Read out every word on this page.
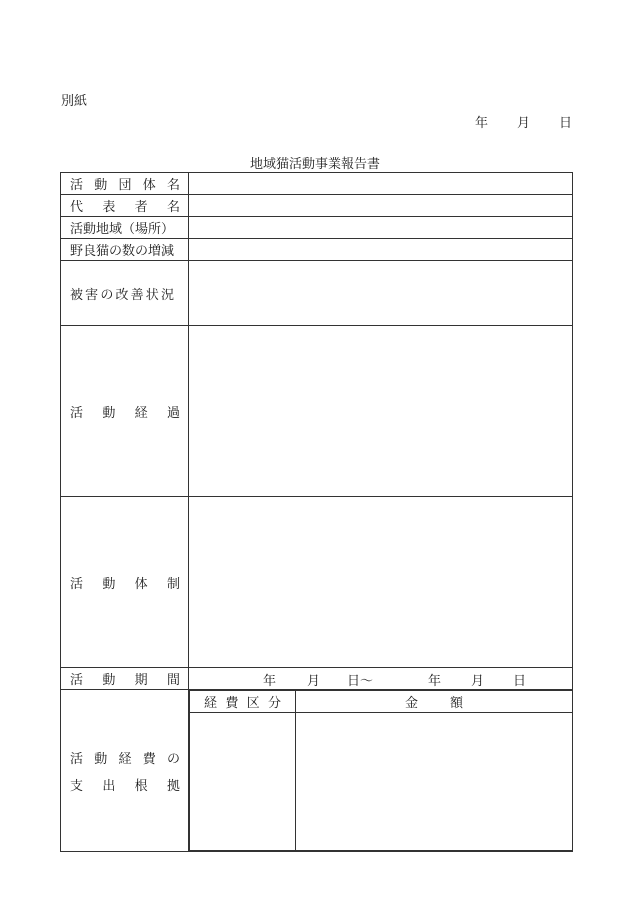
別紙
年 月 日
地域猫活動事業報告書
活 動 団 体 名

代 表 者 名

活動地域（場所）	
野良猫の数の増減	

被 害 の 改 善 状 況

活 動 経 過

活 動 体 制

活 動 期 間	年 月 日～	年 月 日

活 動 経 費 の
支 出 根 拠

経 費 区 分	金 額
